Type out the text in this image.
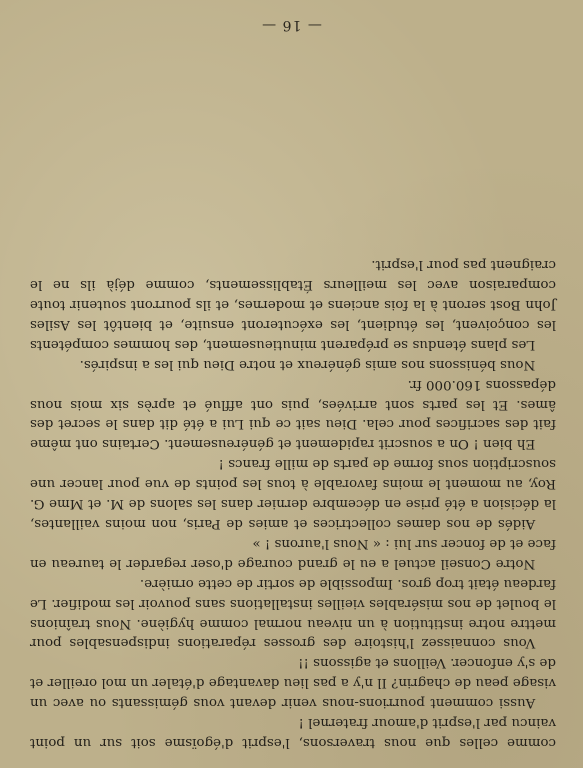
comme celles que nous traversons, l'esprit d'égoïsme soit sur un point vaincu par l'esprit d'amour fraternel !

Aussi comment pourrions-nous venir devant vous gémissants ou avec un visage peau de chagrin? Il n'y a pas lieu davantage d'étaler un mol oreiller et de s'y enfoncer. Veillons et agissons !!

Vous connaissez l'histoire des grosses réparations indispensables pour mettre notre institution à un niveau normal comme hygiène. Nous traînions le boulet de nos misérables vieilles installations sans pouvoir les modifier. Le fardeau était trop gros. Impossible de sortir de cette ornière.

Notre Conseil actuel a eu le grand courage d'oser regarder le taureau en face et de foncer sur lui : « Nous l'aurons ! »

Aidés de nos dames collectrices et amies de Paris, non moins vaillantes, la décision a été prise en décembre dernier dans les salons de M. et Mme G. Roy, au moment le moins favorable à tous les points de vue pour lancer une souscription sous forme de parts de mille francs !

Eh bien ! On a souscrit rapidement et généreusement. Certains ont même fait des sacrifices pour cela. Dieu sait ce qui Lui a été dit dans le secret des âmes. Et les parts sont arrivées, puis ont afflué et après six mois nous dépassons 160.000 fr.

Nous bénissons nos amis généreux et notre Dieu qui les a inspirés.

Les plans étendus se préparent minutieusement, des hommes compétents les conçoivent, les étudient, les exécuteront ensuite, et bientôt les Asiles John Bost seront à la fois anciens et modernes, et ils pourront soutenir toute comparaison avec les meilleurs Établissements, comme déjà ils ne le craignent pas pour l'esprit.

— 16 —
